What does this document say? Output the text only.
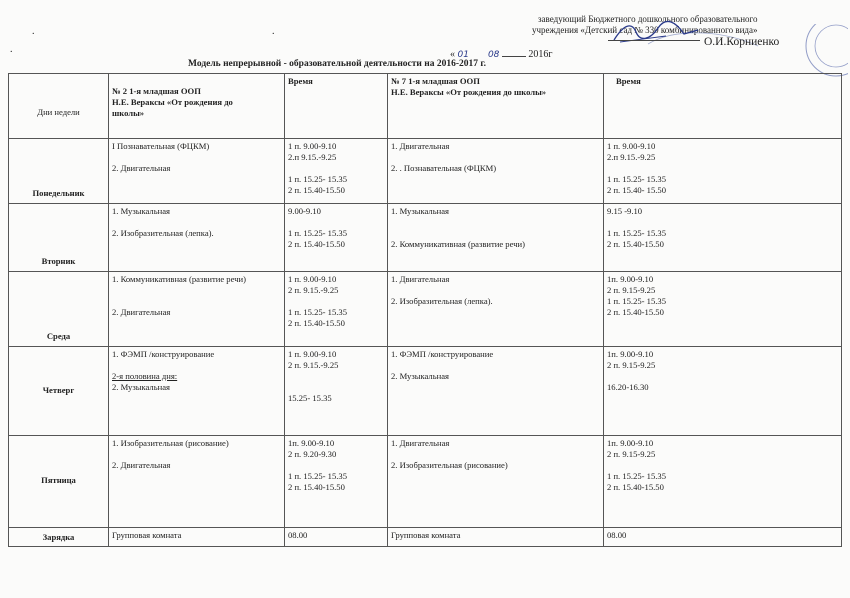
.	.
.
заведующий Бюджетного дошкольного образовательного
учреждения «Детский сад № 330 комбинированного вида»
О.И.Корниенко
« 01 08	2016г
Модель непрерывной - образовательной деятельности на 2016-2017 г.
Дни недели	№ 2 1-я младшая ООП
Н.Е. Вераксы «От рождения до
школы»	Время	№ 7 1-я младшая ООП
Н.Е. Вераксы «От рождения до школы»	Время
Понедельник	I Познавательная (ФЦКМ)
2. Двигательная	1 п. 9.00-9.10
2.п 9.15.-9.25
1 п. 15.25- 15.35
2 п. 15.40-15.50	1. Двигательная
2. . Познавательная (ФЦКМ)	1 п. 9.00-9.10
2.п 9.15.-9.25
1 п. 15.25- 15.35
2 п. 15.40- 15.50

Вторник	1. Музыкальная
2. Изобразительная (лепка).	9.00-9.10
1 п. 15.25- 15.35
2 п. 15.40-15.50	1. Музыкальная
2. Коммуникативная (развитие речи)	9.15 -9.10
1 п. 15.25- 15.35
2 п. 15.40-15.50

Среда	1. Коммуникативная (развитие речи)
2. Двигательная	1 п. 9.00-9.10
2 п. 9.15.-9.25
1 п. 15.25- 15.35
2 п. 15.40-15.50	1. Двигательная
2. Изобразительная (лепка).	1п. 9.00-9.10
2 п. 9.15-9.25
1 п. 15.25- 15.35
2 п. 15.40-15.50

Четверг	1. ФЭМП /конструирование
2-я половина дня:
2. Музыкальная	1 п. 9.00-9.10
2 п. 9.15.-9.25
15.25- 15.35	1. ФЭМП /конструирование
2. Музыкальная	1п. 9.00-9.10
2 п. 9.15-9.25
16.20-16.30

Пятница	1. Изобразительная (рисование)
2. Двигательная	1п. 9.00-9.10
2 п. 9.20-9.30
1 п. 15.25- 15.35
2 п. 15.40-15.50	1. Двигательная
2. Изобразительная (рисование)	1п. 9.00-9.10
2 п. 9.15-9.25
1 п. 15.25- 15.35
2 п. 15.40-15.50

Зарядка	Групповая комната	08.00	Групповая комната	08.00
